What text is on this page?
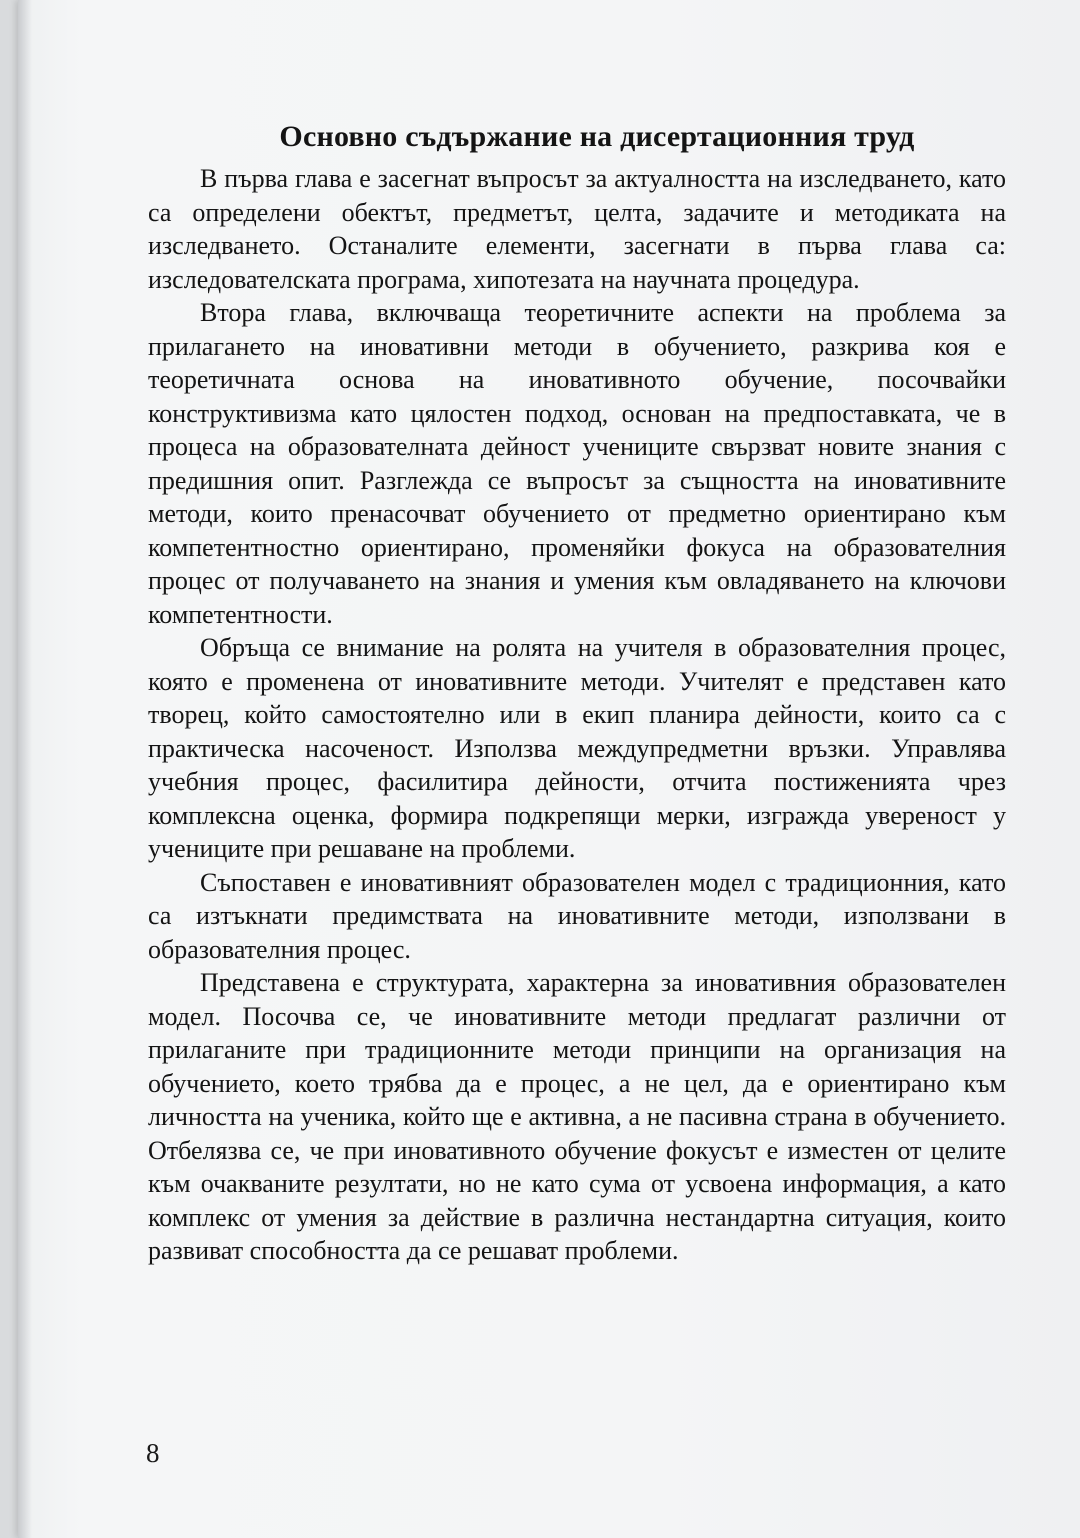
Основно съдържание на дисертационния труд

В първа глава е засегнат въпросът за актуалността на изследването, като са определени обектът, предметът, целта, задачите и методиката на изследването. Останалите елементи, засегнати в първа глава са: изследователската програма, хипотезата на научната процедура.

Втора глава, включваща теоретичните аспекти на проблема за прилагането на иновативни методи в обучението, разкрива коя е теоретичната основа на иновативното обучение, посочвайки конструктивизма като цялостен подход, основан на предпоставката, че в процеса на образователната дейност учениците свързват новите знания с предишния опит. Разглежда се въпросът за същността на иновативните методи, които пренасочват обучението от предметно ориентирано към компетентностно ориентирано, променяйки фокуса на образователния процес от получаването на знания и умения към овладяването на ключови компетентности.

Обръща се внимание на ролята на учителя в образователния процес, която е променена от иновативните методи. Учителят е представен като творец, който самостоятелно или в екип планира дейности, които са с практическа насоченост. Използва междупредметни връзки. Управлява учебния процес, фасилитира дейности, отчита постиженията чрез комплексна оценка, формира подкрепящи мерки, изгражда увереност у учениците при решаване на проблеми.

Съпоставен е иновативният образователен модел с традиционния, като са изтъкнати предимствата на иновативните методи, използвани в образователния процес.

Представена е структурата, характерна за иновативния образователен модел. Посочва се, че иновативните методи предлагат различни от прилаганите при традиционните методи принципи на организация на обучението, което трябва да е процес, а не цел, да е ориентирано към личността на ученика, който ще е активна, а не пасивна страна в обучението. Отбелязва се, че при иновативното обучение фокусът е изместен от целите към очакваните резултати, но не като сума от усвоена информация, а като комплекс от умения за действие в различна нестандартна ситуация, които развиват способността да се решават проблеми.

8
